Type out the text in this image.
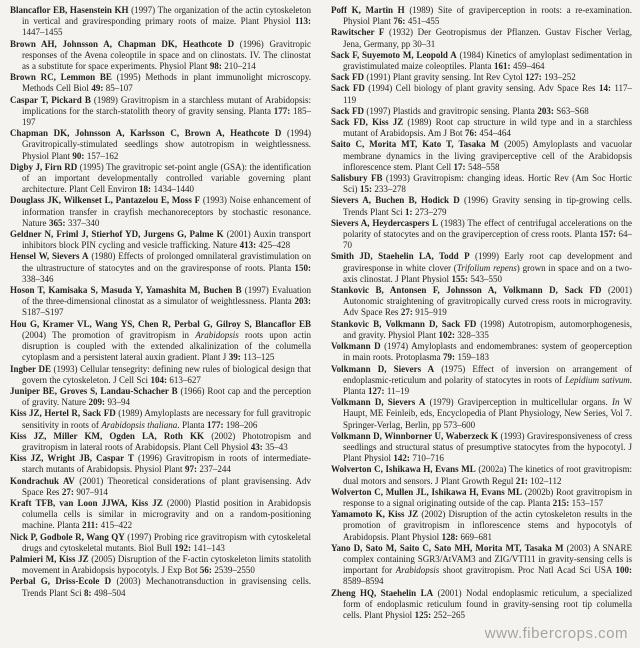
Blancaflor EB, Hasenstein KH (1997) The organization of the actin cytoskeleton in vertical and graviresponding primary roots of maize. Plant Physiol 113: 1447–1455

Brown AH, Johnsson A, Chapman DK, Heathcote D (1996) Gravitropic responses of the Avena coleoptile in space and on clinostats. IV. The clinostat as a substitute for space experiments. Physiol Plant 98: 210–214

Brown RC, Lemmon BE (1995) Methods in plant immunolight microscopy. Methods Cell Biol 49: 85–107

Caspar T, Pickard B (1989) Gravitropism in a starchless mutant of Arabidopsis: implications for the starch-statolith theory of gravity sensing. Planta 177: 185–197

Chapman DK, Johnsson A, Karlsson C, Brown A, Heathcote D (1994) Gravitropically-stimulated seedlings show autotropism in weightlessness. Physiol Plant 90: 157–162

Digby J, Firn RD (1995) The gravitropic set-point angle (GSA): the identification of an important developmentally controlled variable governing plant architecture. Plant Cell Environ 18: 1434–1440

Douglass JK, Wilkenset L, Pantazelou E, Moss F (1993) Noise enhancement of information transfer in crayfish mechanoreceptors by stochastic resonance. Nature 365: 337–340

Geldner N, Friml J, Stierhof YD, Jurgens G, Palme K (2001) Auxin transport inhibitors block PIN cycling and vesicle trafficking. Nature 413: 425–428

Hensel W, Sievers A (1980) Effects of prolonged omnilateral gravistimulation on the ultrastructure of statocytes and on the graviresponse of roots. Planta 150: 338–346

Hoson T, Kamisaka S, Masuda Y, Yamashita M, Buchen B (1997) Evaluation of the three-dimensional clinostat as a simulator of weightlessness. Planta 203: S187–S197

Hou G, Kramer VL, Wang YS, Chen R, Perbal G, Gilroy S, Blancaflor EB (2004) The promotion of gravitropism in Arabidopsis roots upon actin disruption is coupled with the extended alkalinization of the columella cytoplasm and a persistent lateral auxin gradient. Plant J 39: 113–125

Ingber DE (1993) Cellular tensegrity: defining new rules of biological design that govern the cytoskeleton. J Cell Sci 104: 613–627

Juniper BE, Groves S, Landau-Schacher B (1966) Root cap and the perception of gravity. Nature 209: 93–94

Kiss JZ, Hertel R, Sack FD (1989) Amyloplasts are necessary for full gravitropic sensitivity in roots of Arabidopsis thaliana. Planta 177: 198–206

Kiss JZ, Miller KM, Ogden LA, Roth KK (2002) Phototropism and gravitropism in lateral roots of Arabidopsis. Plant Cell Physiol 43: 35–43

Kiss JZ, Wright JB, Caspar T (1996) Gravitropism in roots of intermediate-starch mutants of Arabidopsis. Physiol Plant 97: 237–244

Kondrachuk AV (2001) Theoretical considerations of plant gravisensing. Adv Space Res 27: 907–914

Kraft TFB, van Loon JJWA, Kiss JZ (2000) Plastid position in Arabidopsis columella cells is similar in microgravity and on a random-positioning machine. Planta 211: 415–422

Nick P, Godbole R, Wang QY (1997) Probing rice gravitropism with cytoskeletal drugs and cytoskeletal mutants. Biol Bull 192: 141–143

Palmieri M, Kiss JZ (2005) Disruption of the F-actin cytoskeleton limits statolith movement in Arabidopsis hypocotyls. J Exp Bot 56: 2539–2550

Perbal G, Driss-Ecole D (2003) Mechanotransduction in gravisensing cells. Trends Plant Sci 8: 498–504

Poff K, Martin H (1989) Site of graviperception in roots: a re-examination. Physiol Plant 76: 451–455

Rawitscher F (1932) Der Geotropismus der Pflanzen. Gustav Fischer Verlag, Jena, Germany, pp 30–31

Sack F, Suyemoto M, Leopold A (1984) Kinetics of amyloplast sedimentation in gravistimulated maize coleoptiles. Planta 161: 459–464

Sack FD (1991) Plant gravity sensing. Int Rev Cytol 127: 193–252

Sack FD (1994) Cell biology of plant gravity sensing. Adv Space Res 14: 117–119

Sack FD (1997) Plastids and gravitropic sensing. Planta 203: S63–S68

Sack FD, Kiss JZ (1989) Root cap structure in wild type and in a starchless mutant of Arabidopsis. Am J Bot 76: 454–464

Saito C, Morita MT, Kato T, Tasaka M (2005) Amyloplasts and vacuolar membrane dynamics in the living graviperceptive cell of the Arabidopsis inflorescence stem. Plant Cell 17: 548–558

Salisbury FB (1993) Gravitropism: changing ideas. Hortic Rev (Am Soc Hortic Sci) 15: 233–278

Sievers A, Buchen B, Hodick D (1996) Gravity sensing in tip-growing cells. Trends Plant Sci 1: 273–279

Sievers A, Heydercaspers L (1983) The effect of centrifugal accelerations on the polarity of statocytes and on the graviperception of cress roots. Planta 157: 64–70

Smith JD, Staehelin LA, Todd P (1999) Early root cap development and graviresponse in white clover (Trifolium repens) grown in space and on a two-axis clinostat. J Plant Physiol 155: 543–550

Stankovic B, Antonsen F, Johnsson A, Volkmann D, Sack FD (2001) Autonomic straightening of gravitropically curved cress roots in microgravity. Adv Space Res 27: 915–919

Stankovic B, Volkmann D, Sack FD (1998) Autotropism, automorphogenesis, and gravity. Physiol Plant 102: 328–335

Volkmann D (1974) Amyloplasts and endomembranes: system of geoperception in main roots. Protoplasma 79: 159–183

Volkmann D, Sievers A (1975) Effect of inversion on arrangement of endoplasmic-reticulum and polarity of statocytes in roots of Lepidium sativum. Planta 127: 11–19

Volkmann D, Sievers A (1979) Graviperception in multicellular organs. In W Haupt, ME Feinleib, eds, Encyclopedia of Plant Physiology, New Series, Vol 7. Springer-Verlag, Berlin, pp 573–600

Volkmann D, Winnborner U, Waberzeck K (1993) Graviresponsiveness of cress seedlings and structural status of presumptive statocytes from the hypocotyl. J Plant Physiol 142: 710–716

Wolverton C, Ishikawa H, Evans ML (2002a) The kinetics of root gravitropism: dual motors and sensors. J Plant Growth Regul 21: 102–112

Wolverton C, Mullen JL, Ishikawa H, Evans ML (2002b) Root gravitropism in response to a signal originating outside of the cap. Planta 215: 153–157

Yamamoto K, Kiss JZ (2002) Disruption of the actin cytoskeleton results in the promotion of gravitropism in inflorescence stems and hypocotyls of Arabidopsis. Plant Physiol 128: 669–681

Yano D, Sato M, Saito C, Sato MH, Morita MT, Tasaka M (2003) A SNARE complex containing SGR3/AtVAM3 and ZIG/VTI11 in gravity-sensing cells is important for Arabidopsis shoot gravitropism. Proc Natl Acad Sci USA 100: 8589–8594

Zheng HQ, Staehelin LA (2001) Nodal endoplasmic reticulum, a specialized form of endoplasmic reticulum found in gravity-sensing root tip columella cells. Plant Physiol 125: 252–265

www.fibercrops.com
